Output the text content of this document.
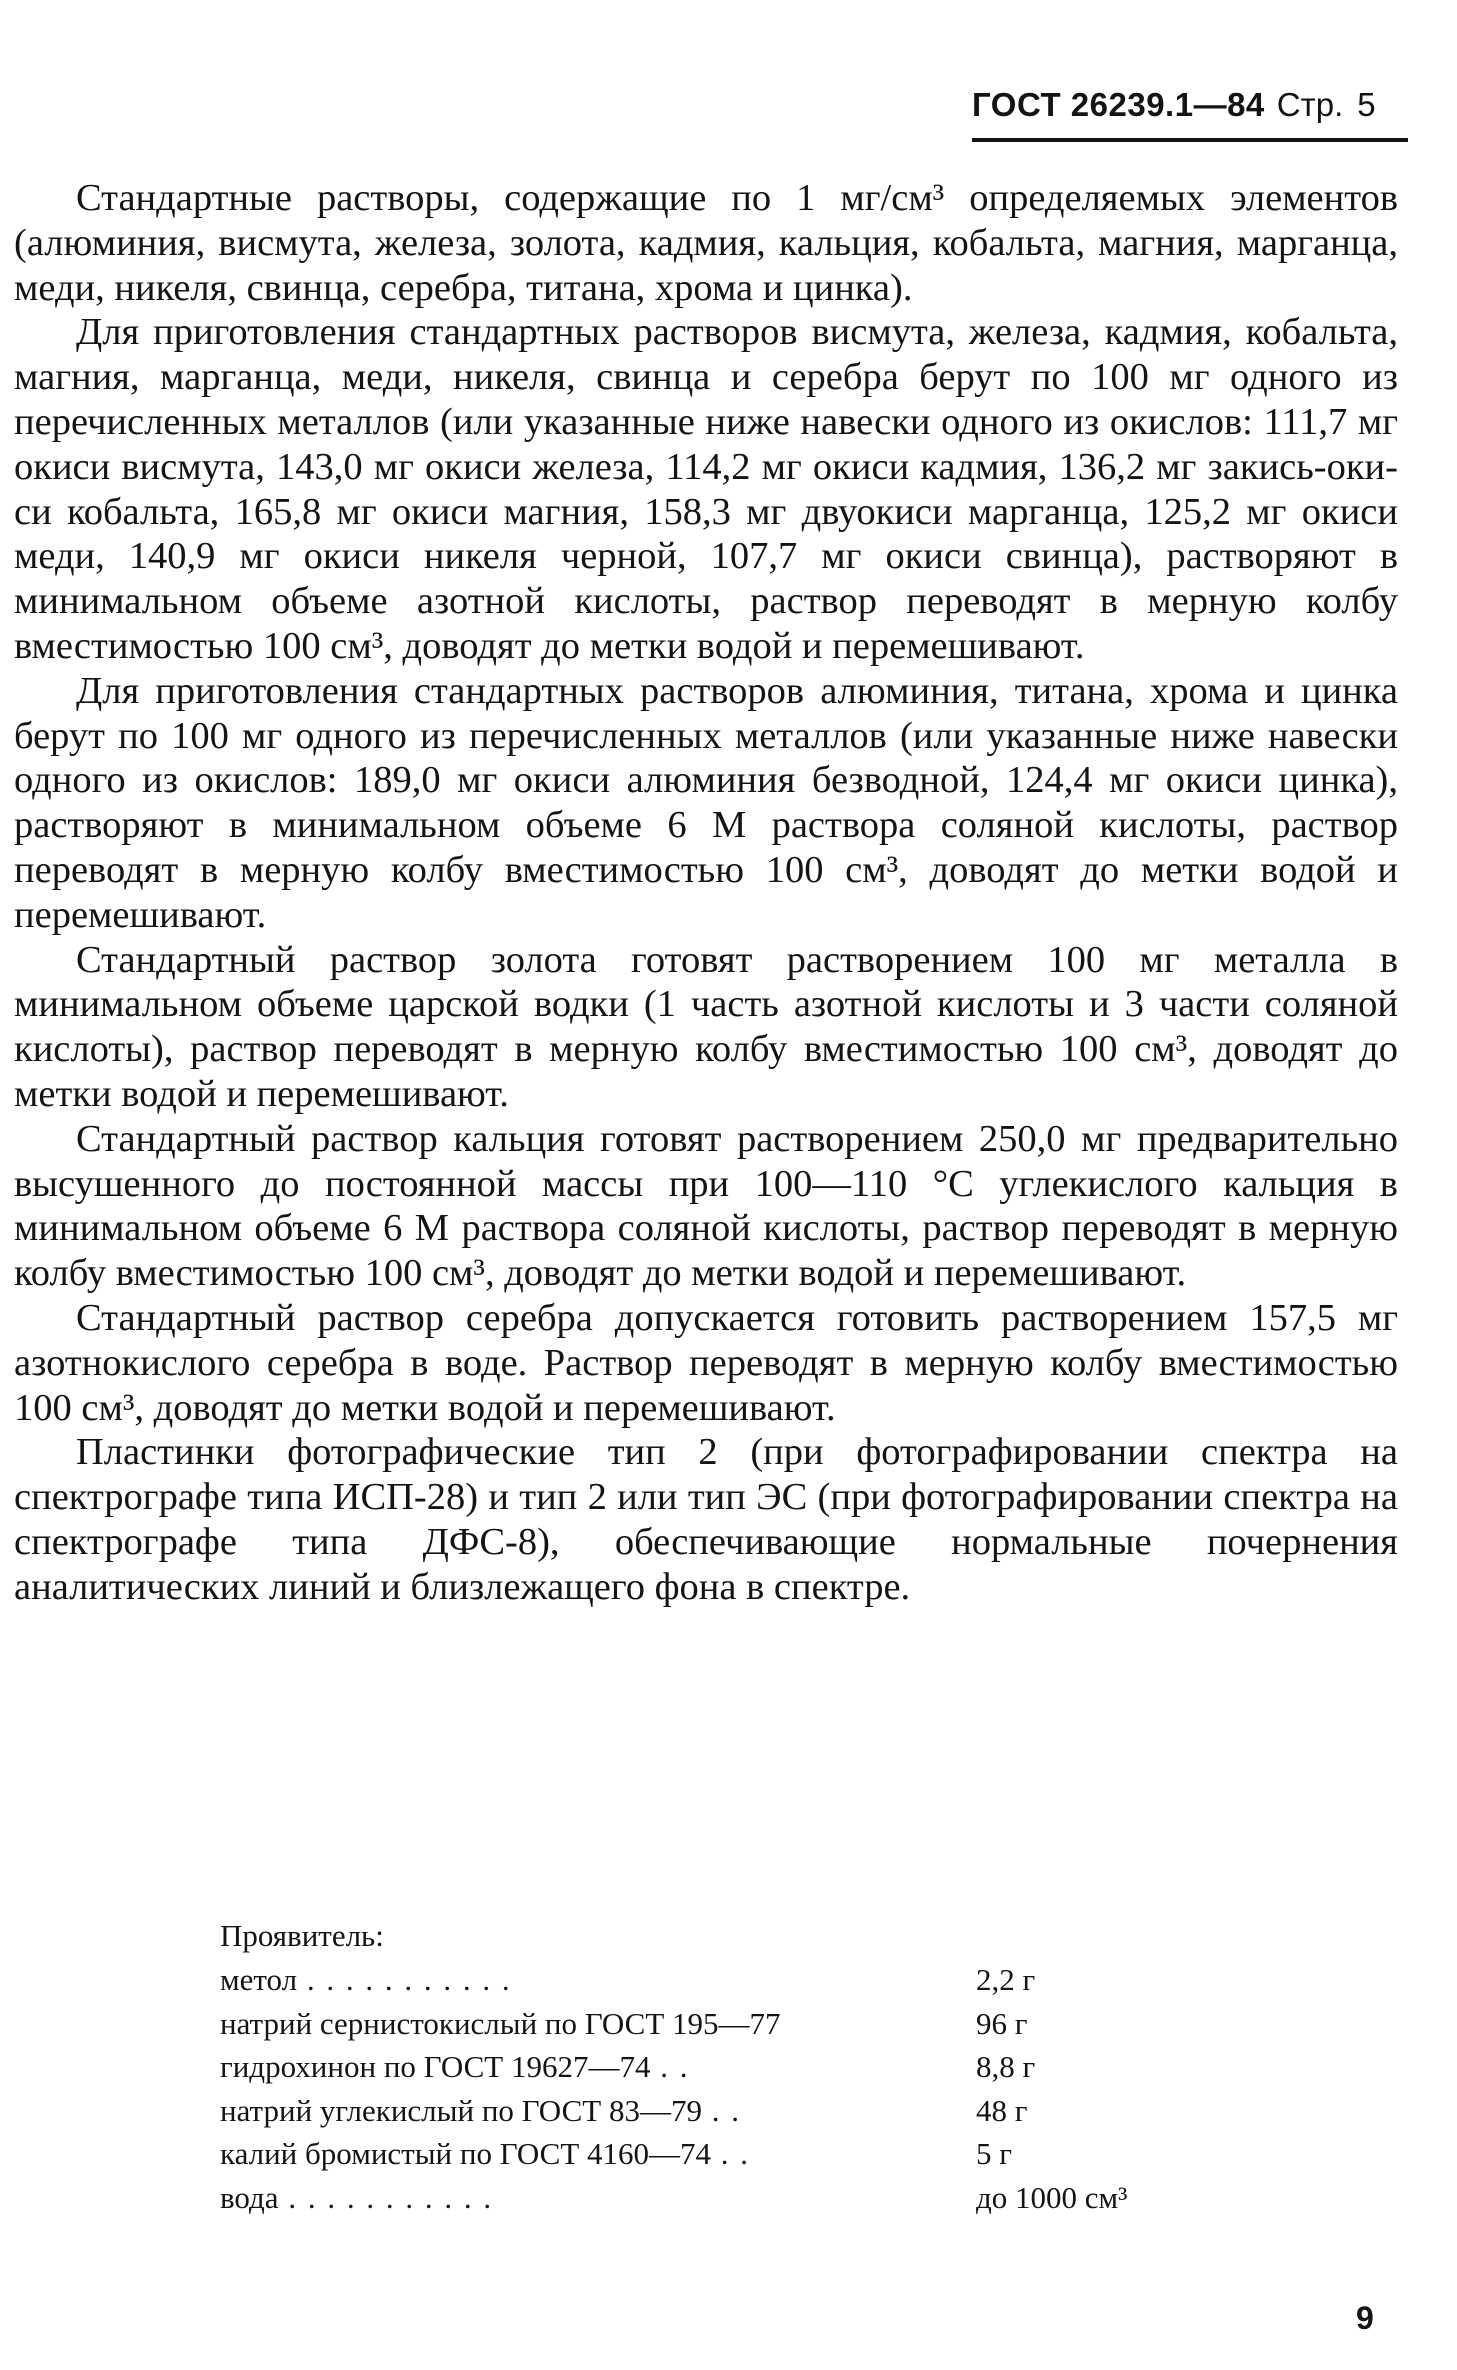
ГОСТ 26239.1—84 Стр. 5

Стандартные растворы, содержащие по 1 мг/см³ определяемых элементов (алюминия, висмута, железа, золота, кадмия, кальция, кобальта, магния, марганца, меди, никеля, свинца, серебра, титана, хрома и цинка).

Для приготовления стандартных растворов висмута, железа, кадмия, кобальта, магния, марганца, меди, никеля, свинца и серебра берут по 100 мг одного из перечисленных металлов (или указанные ниже навески одного из окислов: 111,7 мг окиси висмута, 143,0 мг окиси железа, 114,2 мг окиси кадмия, 136,2 мг закись-окиси кобальта, 165,8 мг окиси магния, 158,3 мг двуокиси марганца, 125,2 мг окиси меди, 140,9 мг окиси никеля черной, 107,7 мг окиси свинца), растворяют в минимальном объеме азотной кислоты, раствор переводят в мерную колбу вместимостью 100 см³, доводят до метки водой и перемешивают.

Для приготовления стандартных растворов алюминия, титана, хрома и цинка берут по 100 мг одного из перечисленных металлов (или указанные ниже навески одного из окислов: 189,0 мг окиси алюминия безводной, 124,4 мг окиси цинка), растворяют в минимальном объеме 6 М раствора соляной кислоты, раствор переводят в мерную колбу вместимостью 100 см³, доводят до метки водой и перемешивают.

Стандартный раствор золота готовят растворением 100 мг металла в минимальном объеме царской водки (1 часть азотной кислоты и 3 части соляной кислоты), раствор переводят в мерную колбу вместимостью 100 см³, доводят до метки водой и перемешивают.

Стандартный раствор кальция готовят растворением 250,0 мг предварительно высушенного до постоянной массы при 100—110 °С углекислого кальция в минимальном объеме 6 М раствора соляной кислоты, раствор переводят в мерную колбу вместимостью 100 см³, доводят до метки водой и перемешивают.

Стандартный раствор серебра допускается готовить растворением 157,5 мг азотнокислого серебра в воде. Раствор переводят в мерную колбу вместимостью 100 см³, доводят до метки водой и перемешивают.

Пластинки фотографические тип 2 (при фотографировании спектра на спектрографе типа ИСП-28) и тип 2 или тип ЭС (при фотографировании спектра на спектрографе типа ДФС-8), обеспечивающие нормальные почернения аналитических линий и близлежащего фона в спектре.

Проявитель:
метол . . . . . . . . . . .	2,2 г
натрий сернистокислый по ГОСТ 195—77	96 г
гидрохинон по ГОСТ 19627—74 . .	8,8 г
натрий углекислый по ГОСТ 83—79 . .	48 г
калий бромистый по ГОСТ 4160—74 . .	5 г
вода . . . . . . . . . . .	до 1000 см³
9
